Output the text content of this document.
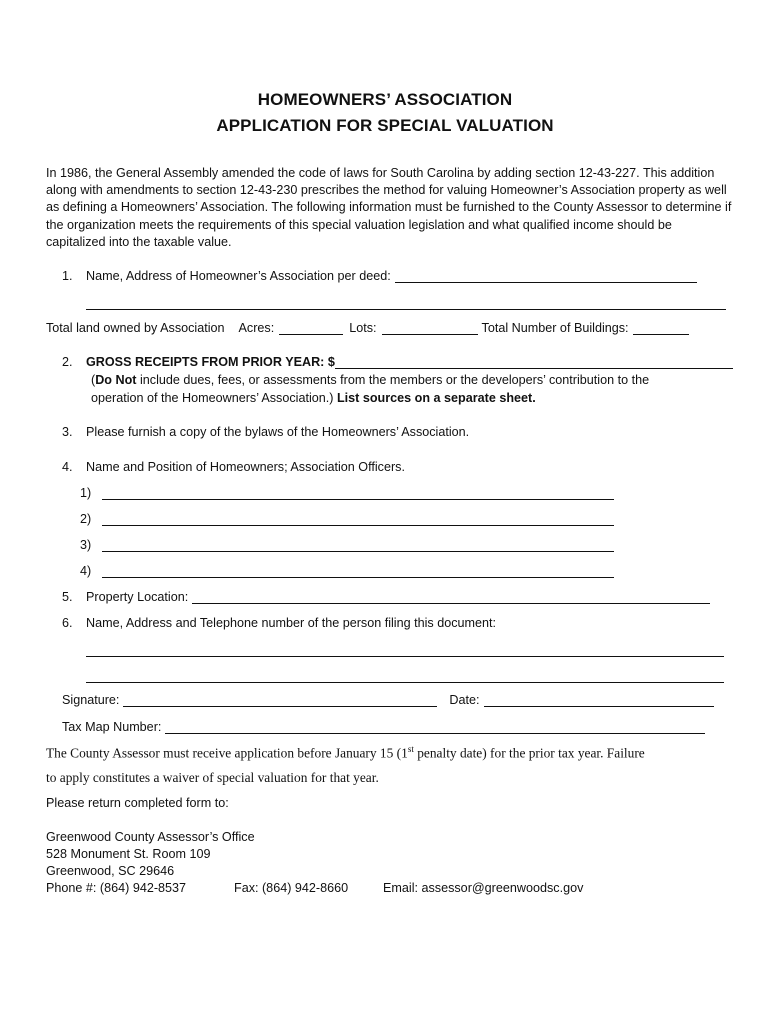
HOMEOWNERS’ ASSOCIATION
APPLICATION FOR SPECIAL VALUATION

In 1986, the General Assembly amended the code of laws for South Carolina by adding section 12-43-227. This addition along with amendments to section 12-43-230 prescribes the method for valuing Homeowner’s Association property as well as defining a Homeowners’ Association. The following information must be furnished to the County Assessor to determine if the organization meets the requirements of this special valuation legislation and what qualified income should be capitalized into the taxable value.

1.	Name, Address of Homeowner’s Association per deed:
Total land owned by Association Acres:	Lots:	Total Number of Buildings:
2.	GROSS RECEIPTS FROM PRIOR YEAR: $
(Do Not include dues, fees, or assessments from the members or the developers’ contribution to the
operation of the Homeowners’ Association.) List sources on a separate sheet.
3.	Please furnish a copy of the bylaws of the Homeowners’ Association.
4.	Name and Position of Homeowners; Association Officers.
1)
2)
3)
4)
5.	Property Location:
6.	Name, Address and Telephone number of the person filing this document:
Signature:	Date:
Tax Map Number:
The County Assessor must receive application before January 15 (1st penalty date) for the prior tax year. Failure
to apply constitutes a waiver of special valuation for that year.
Please return completed form to:
Greenwood County Assessor’s Office
528 Monument St. Room 109
Greenwood, SC 29646
Phone #: (864) 942-8537	Fax: (864) 942-8660	Email: assessor@greenwoodsc.gov
